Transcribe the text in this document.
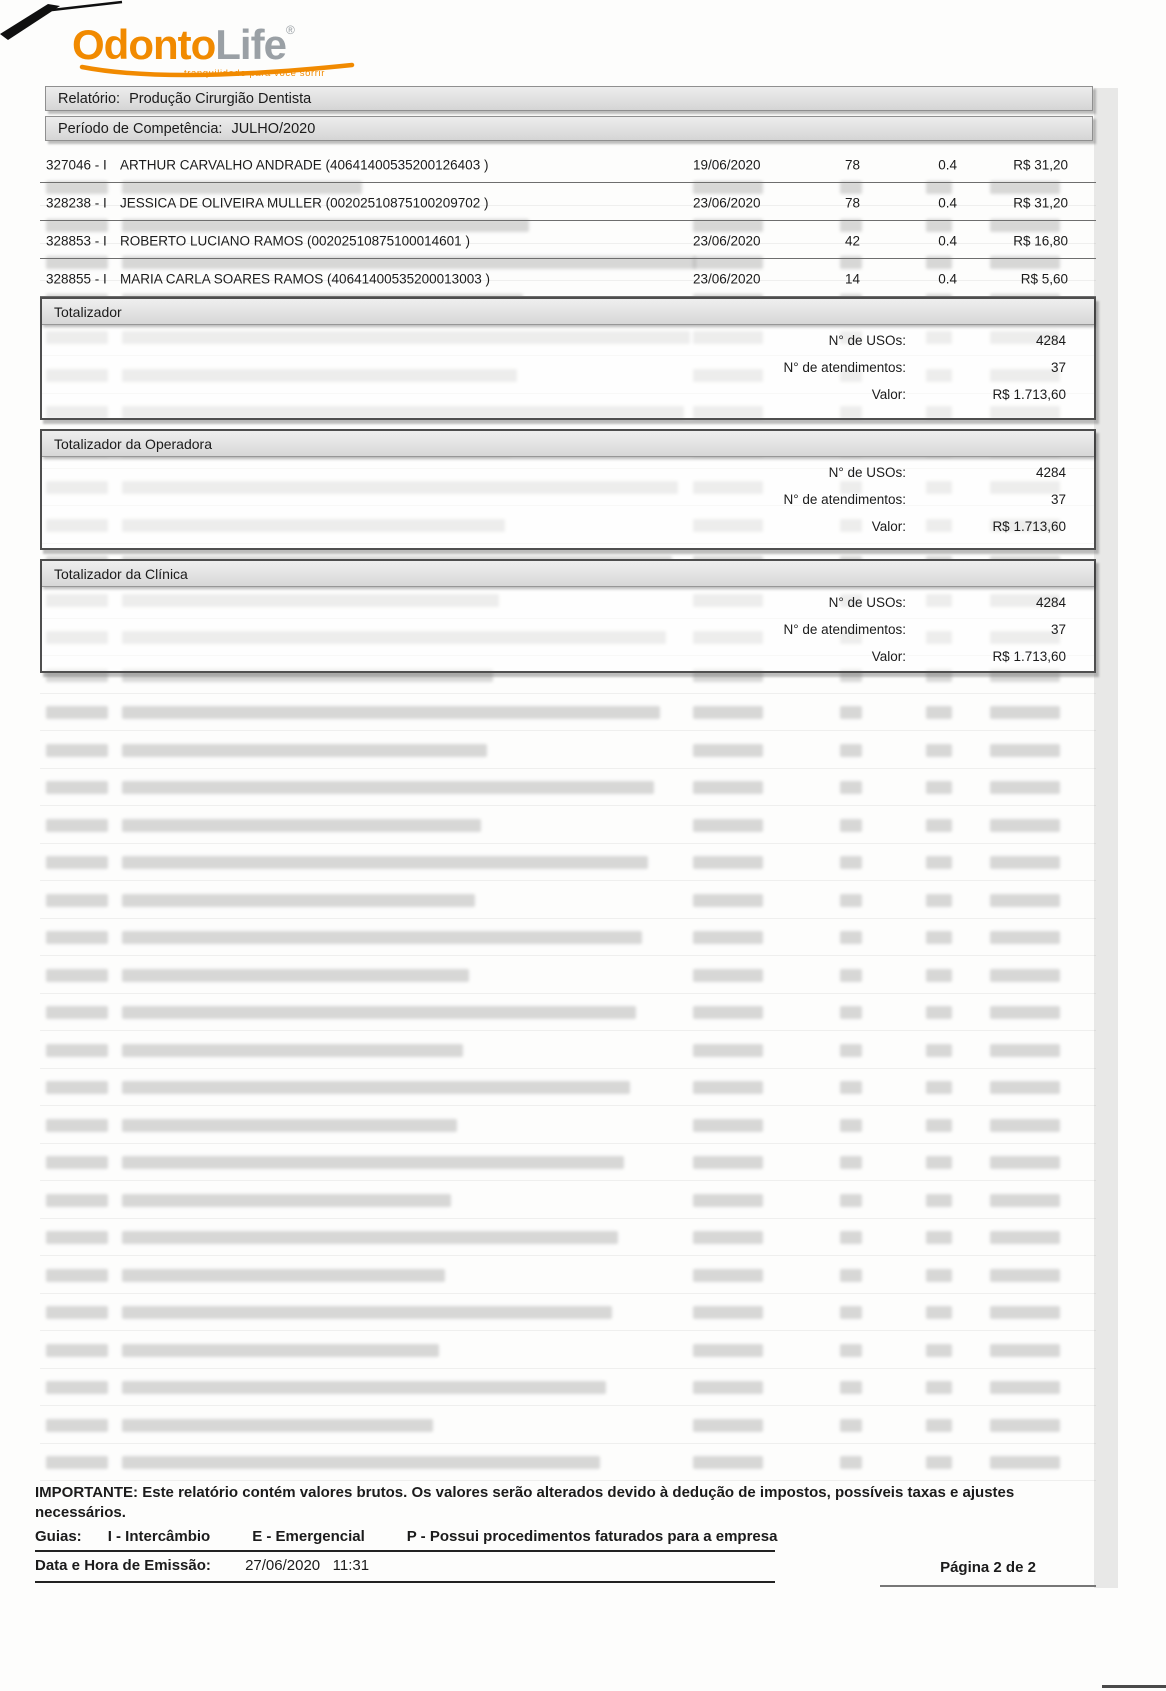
OdontoLife®
tranquilidade para você sorrir
Relatório: Produção Cirurgião Dentista
Período de Competência: JULHO/2020
327046 - I ARTHUR CARVALHO ANDRADE (40641400535200126403 )	19/06/2020	78	0.4	R$ 31,20
328238 - I JESSICA DE OLIVEIRA MULLER (00202510875100209702 )	23/06/2020	78	0.4	R$ 31,20
328853 - I ROBERTO LUCIANO RAMOS (00202510875100014601 )	23/06/2020	42	0.4	R$ 16,80
328855 - I MARIA CARLA SOARES RAMOS (40641400535200013003 )	23/06/2020	14	0.4	R$ 5,60
Totalizador
N° de USOs:	4284
N° de atendimentos:	37
Valor:	R$ 1.713,60
Totalizador da Operadora
N° de USOs:	4284
N° de atendimentos:	37
Valor:	R$ 1.713,60
Totalizador da Clínica
N° de USOs:	4284
N° de atendimentos:	37
Valor:	R$ 1.713,60
IMPORTANTE: Este relatório contém valores brutos. Os valores serão alterados devido à dedução de impostos, possíveis taxas e ajustes necessários.
Guias: I - Intercâmbio	E - Emergencial	P - Possui procedimentos faturados para a empresa
Data e Hora de Emissão: 27/06/2020   11:31	Página 2 de 2
